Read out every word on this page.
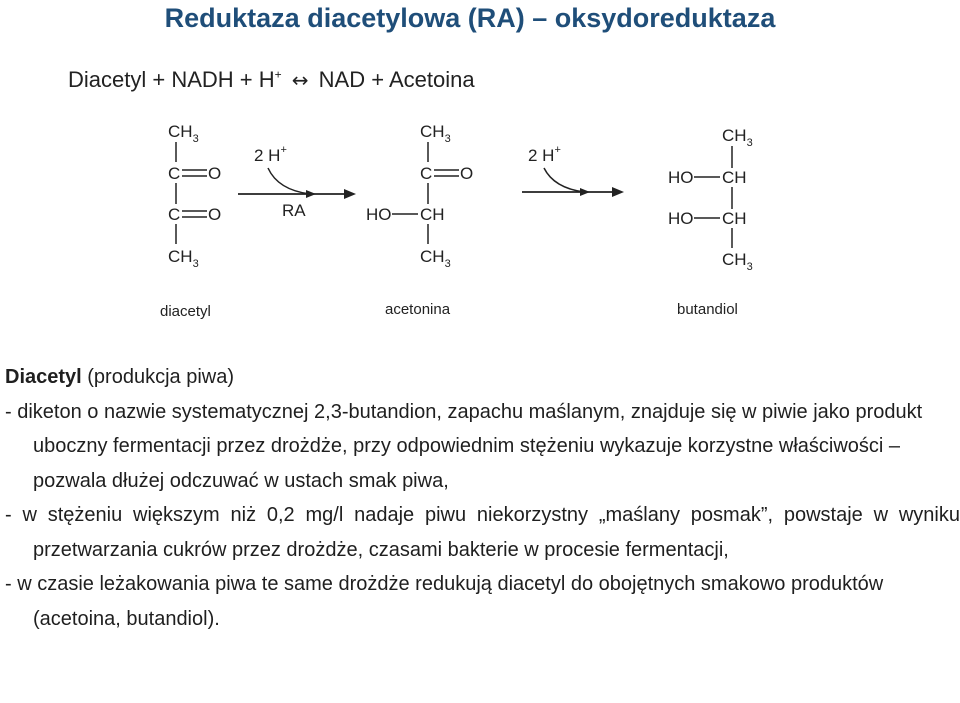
Reduktaza diacetylowa (RA) – oksydoreduktaza
Diacetyl + NADH + H+ ↔ NAD + Acetoina
$CH_3$
C O
C O
$CH_3$
2 H+
RA
$CH_3$
C O
HO CH
$CH_3$
2 H+
$CH_3$
HO CH
HO CH
$CH_3$
diacetyl	acetonina	butandiol

Diacetyl (produkcja piwa)

- diketon o nazwie systematycznej 2,3-butandion, zapachu maślanym, znajduje się w piwie jako produkt uboczny fermentacji przez drożdże, przy odpowiednim stężeniu wykazuje korzystne właściwości – pozwala dłużej odczuwać w ustach smak piwa,

- w stężeniu większym niż 0,2 mg/l nadaje piwu niekorzystny „maślany posmak”, powstaje w wyniku przetwarzania cukrów przez drożdże, czasami bakterie w procesie fermentacji,

- w czasie leżakowania piwa te same drożdże redukują diacetyl do obojętnych smakowo produktów (acetoina, butandiol).
